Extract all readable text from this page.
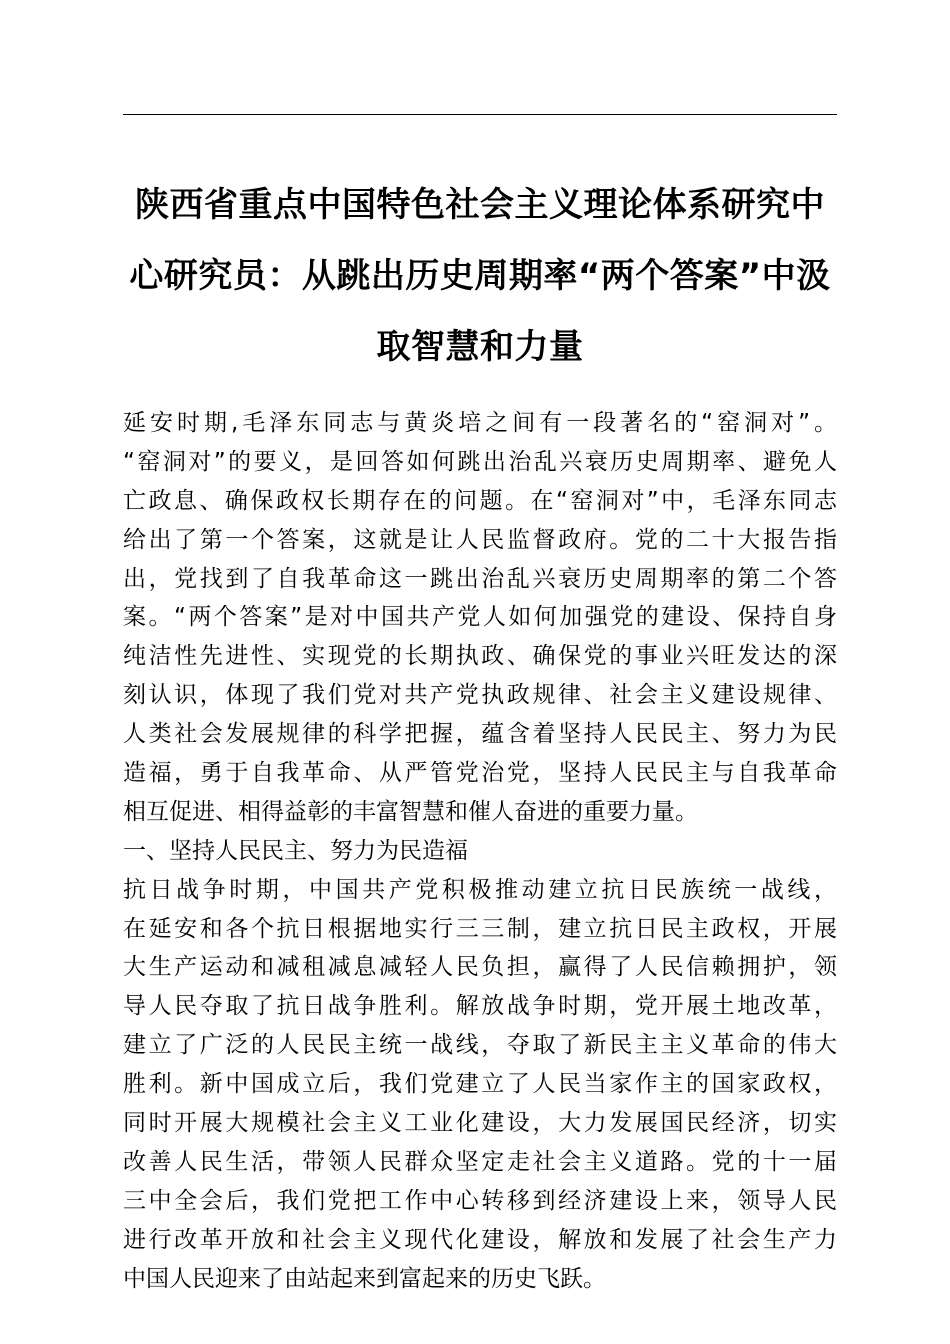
陕西省重点中国特色社会主义理论体系研究中
心研究员：从跳出历史周期率“两个答案”中汲
取智慧和力量
延安时期,毛泽东同志与黄炎培之间有一段著名的“窑洞对”。
“窑洞对”的要义，是回答如何跳出治乱兴衰历史周期率、避免人
亡政息、确保政权长期存在的问题。在“窑洞对”中，毛泽东同志
给出了第一个答案，这就是让人民监督政府。党的二十大报告指
出，党找到了自我革命这一跳出治乱兴衰历史周期率的第二个答
案。“两个答案”是对中国共产党人如何加强党的建设、保持自身
纯洁性先进性、实现党的长期执政、确保党的事业兴旺发达的深
刻认识，体现了我们党对共产党执政规律、社会主义建设规律、
人类社会发展规律的科学把握，蕴含着坚持人民民主、努力为民
造福，勇于自我革命、从严管党治党，坚持人民民主与自我革命
相互促进、相得益彰的丰富智慧和催人奋进的重要力量。
一、坚持人民民主、努力为民造福
抗日战争时期，中国共产党积极推动建立抗日民族统一战线，
在延安和各个抗日根据地实行三三制，建立抗日民主政权，开展
大生产运动和减租减息减轻人民负担，赢得了人民信赖拥护，领
导人民夺取了抗日战争胜利。解放战争时期，党开展土地改革，
建立了广泛的人民民主统一战线，夺取了新民主主义革命的伟大
胜利。新中国成立后，我们党建立了人民当家作主的国家政权，
同时开展大规模社会主义工业化建设，大力发展国民经济，切实
改善人民生活，带领人民群众坚定走社会主义道路。党的十一届
三中全会后，我们党把工作中心转移到经济建设上来，领导人民
进行改革开放和社会主义现代化建设，解放和发展了社会生产力
中国人民迎来了由站起来到富起来的历史飞跃。
